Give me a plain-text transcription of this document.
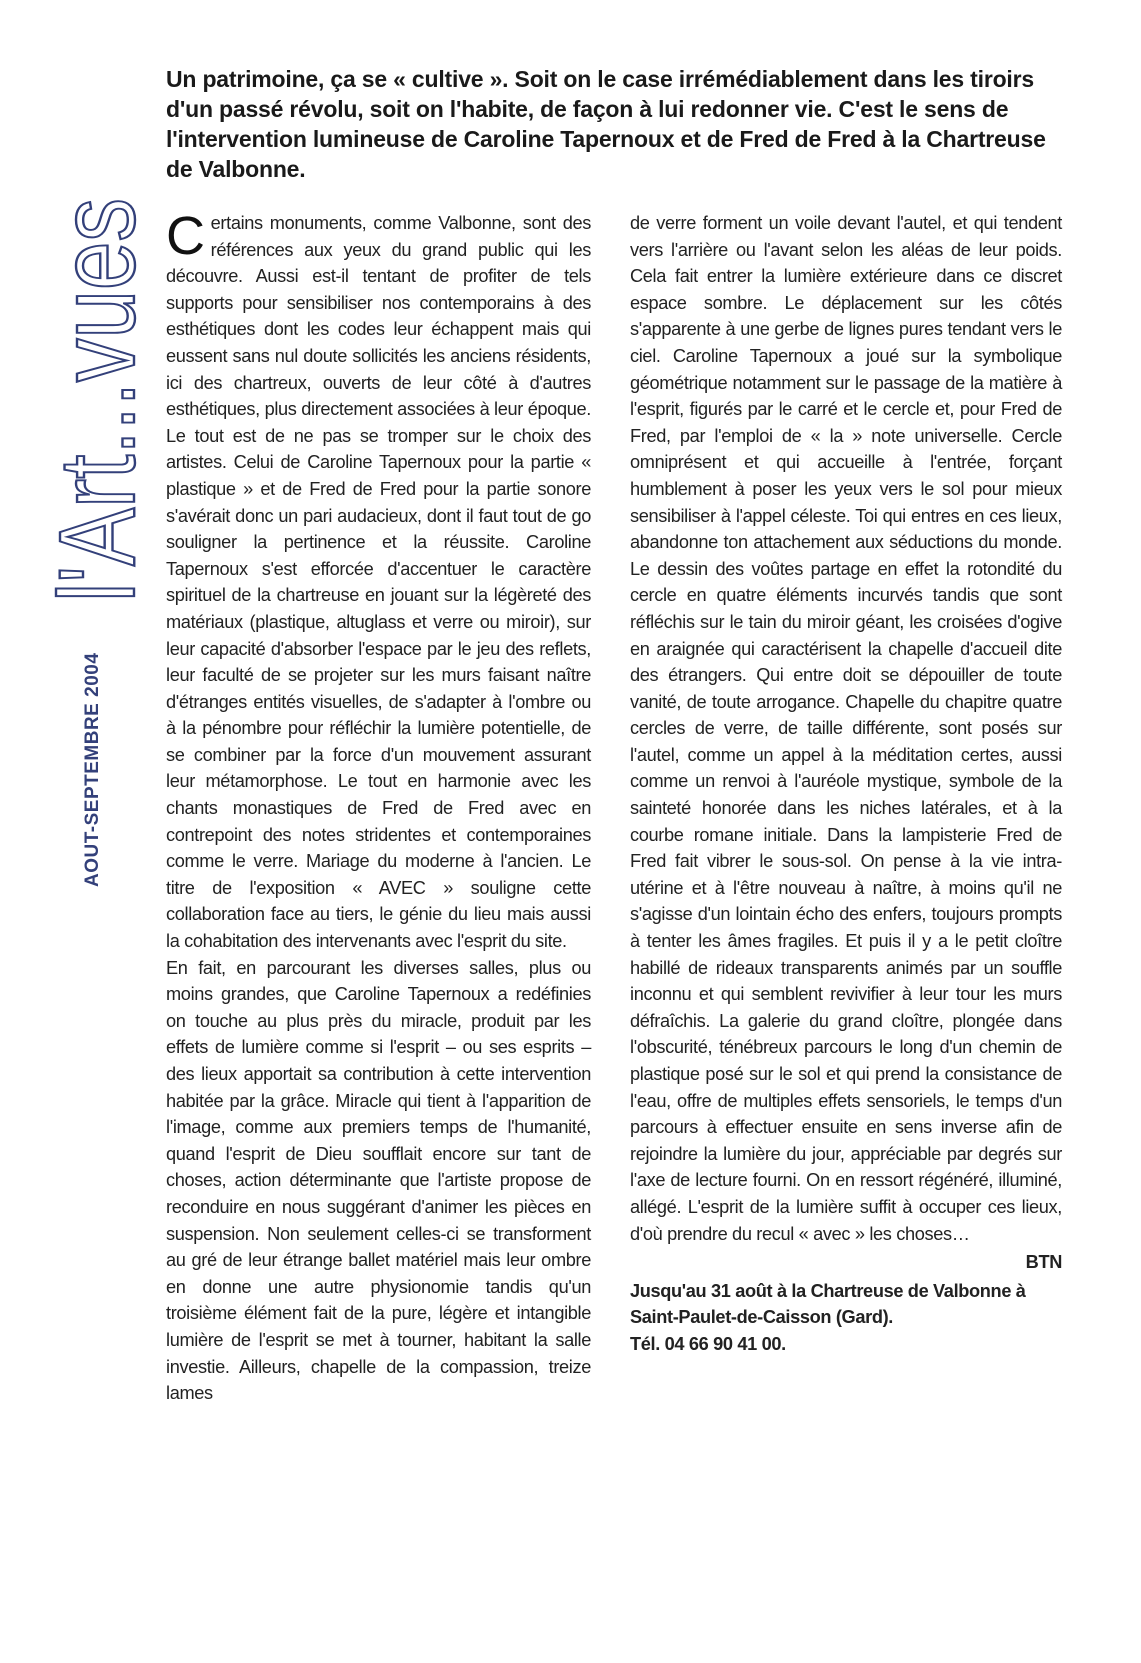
l'Art...vues
AOUT-SEPTEMBRE 2004

Un patrimoine, ça se « cultive ». Soit on le case irrémédiablement dans les tiroirs d'un passé révolu, soit on l'habite, de façon à lui redonner vie. C'est le sens de l'intervention lumineuse de Caroline Tapernoux et de Fred de Fred à la Chartreuse de Valbonne.

Certains monuments, comme Valbonne, sont des références aux yeux du grand public qui les découvre. Aussi est-il tentant de profiter de tels supports pour sensibiliser nos contemporains à des esthétiques dont les codes leur échappent mais qui eussent sans nul doute sollicités les anciens résidents, ici des chartreux, ouverts de leur côté à d'autres esthétiques, plus directement associées à leur époque. Le tout est de ne pas se tromper sur le choix des artistes. Celui de Caroline Tapernoux pour la partie « plastique » et de Fred de Fred pour la partie sonore s'avérait donc un pari audacieux, dont il faut tout de go souligner la pertinence et la réussite. Caroline Tapernoux s'est efforcée d'accentuer le caractère spirituel de la chartreuse en jouant sur la légèreté des matériaux (plastique, altuglass et verre ou miroir), sur leur capacité d'absorber l'espace par le jeu des reflets, leur faculté de se projeter sur les murs faisant naître d'étranges entités visuelles, de s'adapter à l'ombre ou à la pénombre pour réfléchir la lumière potentielle, de se combiner par la force d'un mouvement assurant leur métamorphose. Le tout en harmonie avec les chants monastiques de Fred de Fred avec en contrepoint des notes stridentes et contemporaines comme le verre. Mariage du moderne à l'ancien. Le titre de l'exposition « AVEC » souligne cette collaboration face au tiers, le génie du lieu mais aussi la cohabitation des intervenants avec l'esprit du site.

En fait, en parcourant les diverses salles, plus ou moins grandes, que Caroline Tapernoux a redéfinies on touche au plus près du miracle, produit par les effets de lumière comme si l'esprit – ou ses esprits – des lieux apportait sa contribution à cette intervention habitée par la grâce. Miracle qui tient à l'apparition de l'image, comme aux premiers temps de l'humanité, quand l'esprit de Dieu soufflait encore sur tant de choses, action déterminante que l'artiste propose de reconduire en nous suggérant d'animer les pièces en suspension. Non seulement celles-ci se transforment au gré de leur étrange ballet matériel mais leur ombre en donne une autre physionomie tandis qu'un troisième élément fait de la pure, légère et intangible lumière de l'esprit se met à tourner, habitant la salle investie. Ailleurs, chapelle de la compassion, treize lames

de verre forment un voile devant l'autel, et qui tendent vers l'arrière ou l'avant selon les aléas de leur poids. Cela fait entrer la lumière extérieure dans ce discret espace sombre. Le déplacement sur les côtés s'apparente à une gerbe de lignes pures tendant vers le ciel. Caroline Tapernoux a joué sur la symbolique géométrique notamment sur le passage de la matière à l'esprit, figurés par le carré et le cercle et, pour Fred de Fred, par l'emploi de « la » note universelle. Cercle omniprésent et qui accueille à l'entrée, forçant humblement à poser les yeux vers le sol pour mieux sensibiliser à l'appel céleste. Toi qui entres en ces lieux, abandonne ton attachement aux séductions du monde. Le dessin des voûtes partage en effet la rotondité du cercle en quatre éléments incurvés tandis que sont réfléchis sur le tain du miroir géant, les croisées d'ogive en araignée qui caractérisent la chapelle d'accueil dite des étrangers. Qui entre doit se dépouiller de toute vanité, de toute arrogance. Chapelle du chapitre quatre cercles de verre, de taille différente, sont posés sur l'autel, comme un appel à la méditation certes, aussi comme un renvoi à l'auréole mystique, symbole de la sainteté honorée dans les niches latérales, et à la courbe romane initiale. Dans la lampisterie Fred de Fred fait vibrer le sous-sol. On pense à la vie intra-utérine et à l'être nouveau à naître, à moins qu'il ne s'agisse d'un lointain écho des enfers, toujours prompts à tenter les âmes fragiles. Et puis il y a le petit cloître habillé de rideaux transparents animés par un souffle inconnu et qui semblent revivifier à leur tour les murs défraîchis. La galerie du grand cloître, plongée dans l'obscurité, ténébreux parcours le long d'un chemin de plastique posé sur le sol et qui prend la consistance de l'eau, offre de multiples effets sensoriels, le temps d'un parcours à effectuer ensuite en sens inverse afin de rejoindre la lumière du jour, appréciable par degrés sur l'axe de lecture fourni. On en ressort régénéré, illuminé, allégé. L'esprit de la lumière suffit à occuper ces lieux, d'où prendre du recul « avec » les choses…

BTN

Jusqu'au 31 août à la Chartreuse de Valbonne à

Saint-Paulet-de-Caisson (Gard).

Tél. 04 66 90 41 00.
